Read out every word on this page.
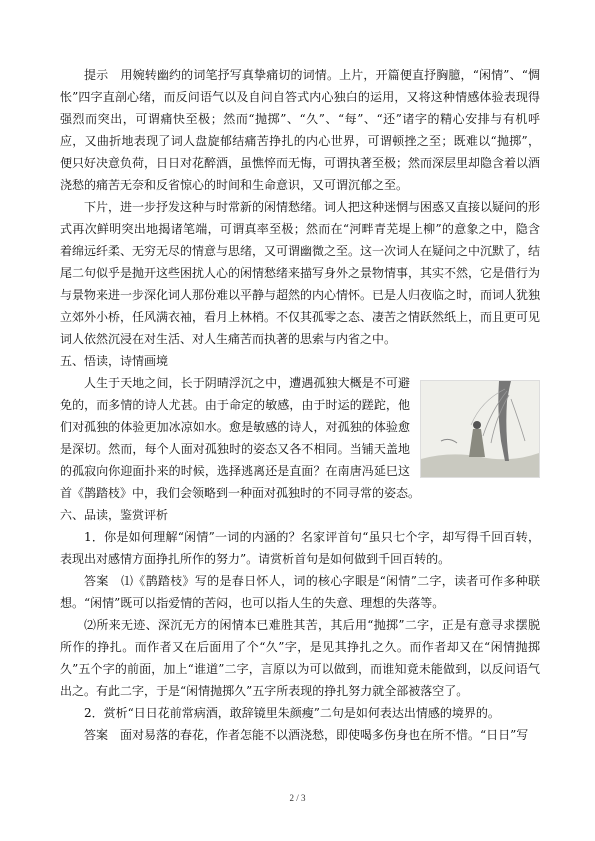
提示　用婉转幽约的词笔抒写真挚痛切的词情。上片，开篇便直抒胸臆，“闲情”、“惆怅”四字直剖心绪，而反问语气以及自问自答式内心独白的运用，又将这种情感体验表现得强烈而突出，可谓痛快至极；然而“抛掷”、“久”、“每”、“还”诸字的精心安排与有机呼应，又曲折地表现了词人盘旋郁结痛苦挣扎的内心世界，可谓顿挫之至；既难以“抛掷”，便只好决意负荷，日日对花醉酒，虽憔悴而无悔，可谓执著至极；然而深层里却隐含着以酒浇愁的痛苦无奈和反省惊心的时间和生命意识，又可谓沉郁之至。

下片，进一步抒发这种与时常新的闲情愁绪。词人把这种迷惘与困惑又直接以疑问的形式再次鲜明突出地揭诸笔端，可谓真率至极；然而在“河畔青芜堤上柳”的意象之中，隐含着绵远纤柔、无穷无尽的情意与思绪，又可谓幽微之至。这一次词人在疑问之中沉默了，结尾二句似乎是抛开这些困扰人心的闲情愁绪来描写身外之景物情事，其实不然，它是借行为与景物来进一步深化词人那份难以平静与超然的内心情怀。已是人归夜临之时，而词人犹独立郊外小桥，任风满衣袖，看月上林梢。不仅其孤零之态、凄苦之情跃然纸上，而且更可见词人依然沉浸在对生活、对人生痛苦而执著的思索与内省之中。

五、悟读，诗情画境

人生于天地之间，长于阴晴浮沉之中，遭遇孤独大概是不可避免的，而多情的诗人尤甚。由于命定的敏感，由于时运的蹉跎，他们对孤独的体验更加冰凉如水。愈是敏感的诗人，对孤独的体验愈是深切。然而，每个人面对孤独时的姿态又各不相同。当铺天盖地的孤寂向你迎面扑来的时候，选择逃离还是直面？在南唐冯延巳这首《鹊踏枝》中，我们会领略到一种面对孤独时的不同寻常的姿态。

六、品读，鉴赏评析

1．你是如何理解“闲情”一词的内涵的？名家评首句“虽只七个字，却写得千回百转，表现出对感情方面挣扎所作的努力”。请赏析首句是如何做到千回百转的。

答案　⑴《鹊踏枝》写的是春日怀人，词的核心字眼是“闲情”二字，读者可作多种联想。“闲情”既可以指爱情的苦闷，也可以指人生的失意、理想的失落等。

⑵所来无迹、深沉无方的闲情本已难胜其苦，其后用“抛掷”二字，正是有意寻求摆脱所作的挣扎。而作者又在后面用了个“久”字，是见其挣扎之久。而作者却又在“闲情抛掷久”五个字的前面，加上“谁道”二字，言原以为可以做到，而谁知竟未能做到，以反问语气出之。有此二字，于是“闲情抛掷久”五字所表现的挣扎努力就全部被落空了。

2．赏析“日日花前常病酒，敢辞镜里朱颜瘦”二句是如何表达出情感的境界的。

答案　面对易落的春花，作者怎能不以酒浇愁，即使喝多伤身也在所不惜。“日日”写

2 / 3
